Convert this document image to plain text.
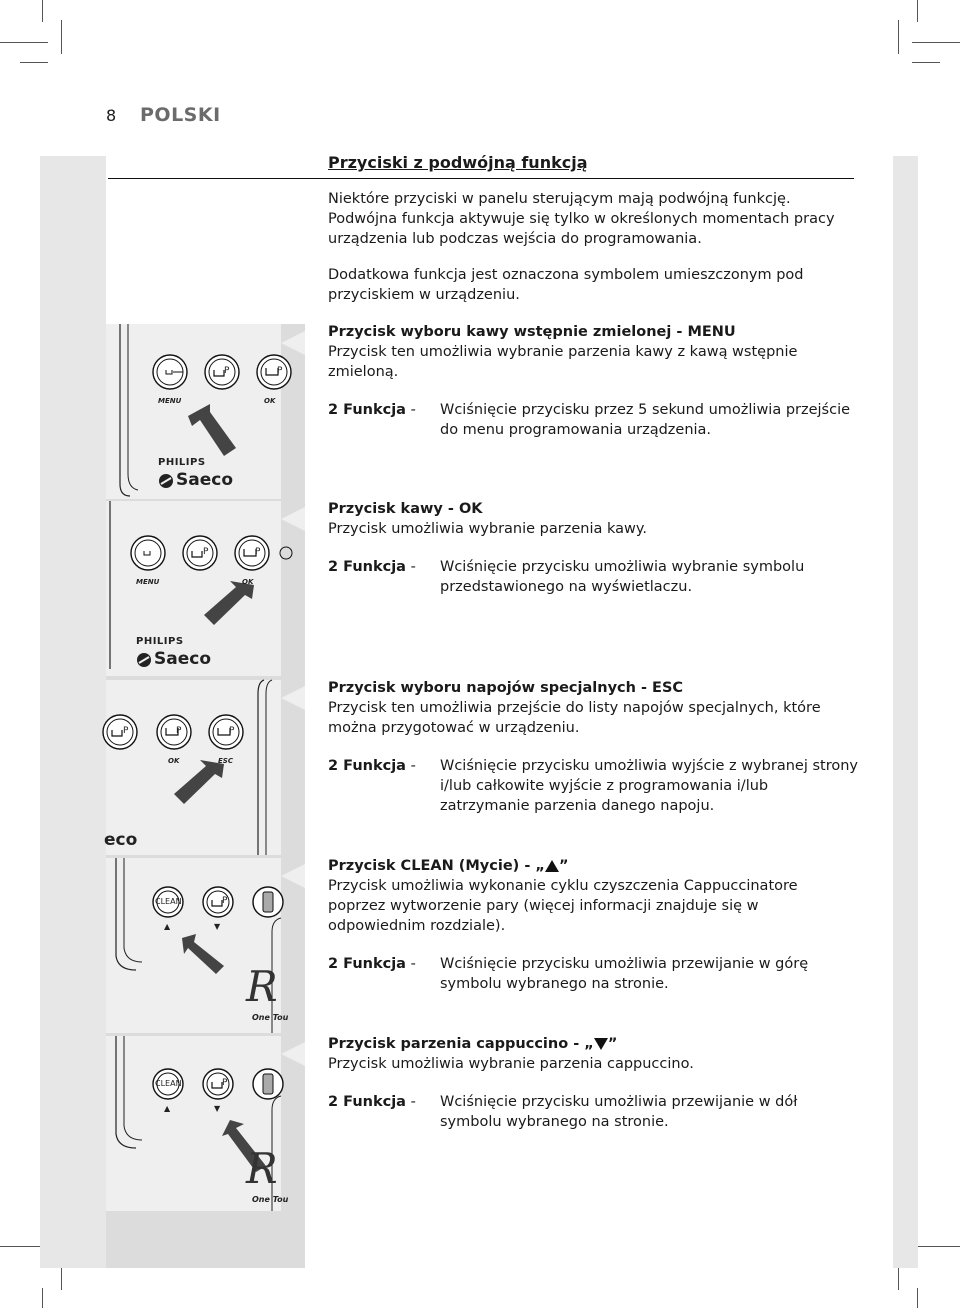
8 POLSKI
P	P
MENU	OK
PHILIPS
Saeco
P	P
MENU	OK
PHILIPS
Saeco
P	P	P
OK	ESC
eco
CLEAN	P
▲	▼
R
One Tou
CLEAN	P
▲	▼
R
One Tou
Przyciski z podwójną funkcją

Niektóre przyciski w panelu sterującym mają podwójną funkcję. Podwójna funkcja aktywuje się tylko w określonych momentach pracy urządzenia lub podczas wejścia do programowania.

Dodatkowa funkcja jest oznaczona symbolem umieszczonym pod przyciskiem w urządzeniu.

Przycisk wyboru kawy wstępnie zmielonej - MENU
Przycisk ten umożliwia wybranie parzenia kawy z kawą wstępnie zmieloną.
2 Funkcja -	Wciśnięcie przycisku przez 5 sekund umożliwia przejście do menu programowania urządzenia.
Przycisk kawy - OK
Przycisk umożliwia wybranie parzenia kawy.
2 Funkcja -	Wciśnięcie przycisku umożliwia wybranie symbolu przedstawionego na wyświetlaczu.
Przycisk wyboru napojów specjalnych - ESC
Przycisk ten umożliwia przejście do listy napojów specjalnych, które można przygotować w urządzeniu.
2 Funkcja -	Wciśnięcie przycisku umożliwia wyjście z wybranej strony i/lub całkowite wyjście z programowania i/lub zatrzymanie parzenia danego napoju.
Przycisk CLEAN (Mycie) - „ ”
Przycisk umożliwia wykonanie cyklu czyszczenia Cappuccinatore poprzez wytworzenie pary (więcej informacji znajduje się w odpowiednim rozdziale).
2 Funkcja -	Wciśnięcie przycisku umożliwia przewijanie w górę symbolu wybranego na stronie.
Przycisk parzenia cappuccino - „ ”
Przycisk umożliwia wybranie parzenia cappuccino.
2 Funkcja -	Wciśnięcie przycisku umożliwia przewijanie w dół symbolu wybranego na stronie.
